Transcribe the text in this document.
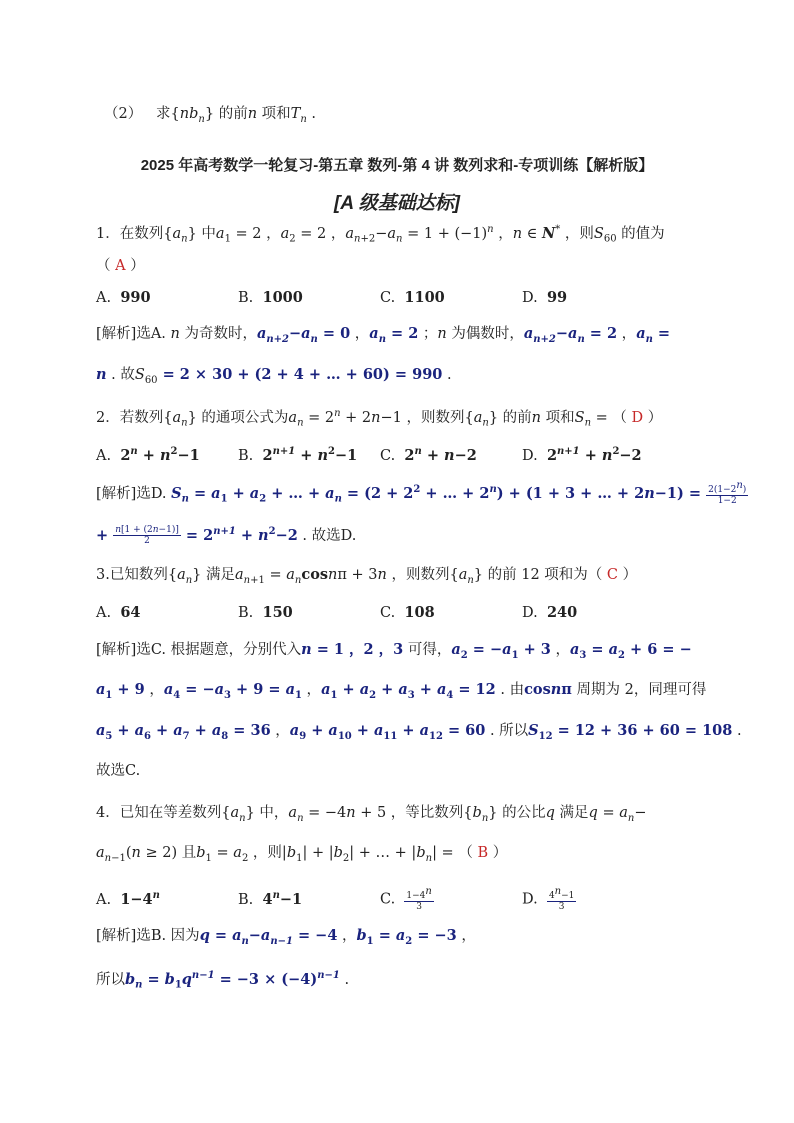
（2）   求$\{nb_n\}$ 的前n 项和$T_n$ .
2025 年高考数学一轮复习-第五章 数列-第 4 讲 数列求和-专项训练【解析版】
[A 级基础达标]
1．在数列$\{a_n\}$ 中$a_1 = 2$ ，$a_2 = 2$ ，$a_{n+2}-a_n = 1 + (-1)^n$ ，n ∈ N* ，则$S_{60}$ 的值为
（ A ）
A.  990	B.  1000	C.  1100	D.  99
[解析]选A. n 为奇数时，$a_{n+2}-a_n = 0$ ，$a_n = 2$ ；n 为偶数时，$a_{n+2}-a_n = 2$ ，$a_n$ =
n . 故$S_{60} = 2 \times 30 + (2 + 4$ + … + 60) = 990 .
2．若数列$\{a_n\}$ 的通项公式为$a_n = 2^n + 2n-1$ ，则数列$\{a_n\}$ 的前n 项和$S_n$ = （ D ）
A.  $2^n + n^2-1$	B.  $2^{n+1} + n^2-1$ C.  $2^n + n-2$	D.  $2^{n+1} + n^2-2$
[解析]选D. $S_n = a_1 + a_2$ + … + $a_n = (2 + 2^2$ + … + $2^n) + (1 + 3$ + … + $2n-1) = \frac{2(1-2^n)}{1-2}$
+ $\frac{n[1 + (2n-1)]}{2} = 2^{n+1} + n^2-2$ . 故选D.
3.已知数列$\{a_n\}$ 满足$a_{n+1} = a_n\cos n\pi + 3n$ ，则数列$\{a_n\}$ 的前 12 项和为（ C ）
A.  64	B.  150	C.  108	D.  240
[解析]选C. 根据题意，分别代入n = 1 ，2 ，3 可得，$a_2 = -a_1 + 3$ ，$a_3 = a_2 + 6$ = −
$a_1 + 9$ ，$a_4 = -a_3 + 9 = a_1$ ，$a_1 + a_2 + a_3 + a_4 = 12$ . 由cosnπ 周期为 2，同理可得
$a_5 + a_6 + a_7 + a_8 = 36$ ，$a_9 + a_{10} + a_{11} + a_{12} = 60$ . 所以$S_{12} = 12 + 36 + 60 = 108$ .
故选C.
4．已知在等差数列$\{a_n\}$ 中，$a_n = -4n + 5$ ，等比数列$\{b_n\}$ 的公比q 满足$q = a_n-$
$a_{n-1}(n \ge 2)$ 且$b_1 = a_2$ ，则$|b_1| + |b_2|$ + … + $|b_n|$ = （ B ）
A.  $1-4^n$	B.  $4^n-1$	C. $\frac{1-4^n}{3}$	D. $\frac{4^n-1}{3}$
[解析]选B. 因为$q = a_n-a_{n-1} = -4$ ，$b_1 = a_2 = -3$ ，
所以$b_n = b_1q^{n-1} = -3 \times (-4)^{n-1}$ .
